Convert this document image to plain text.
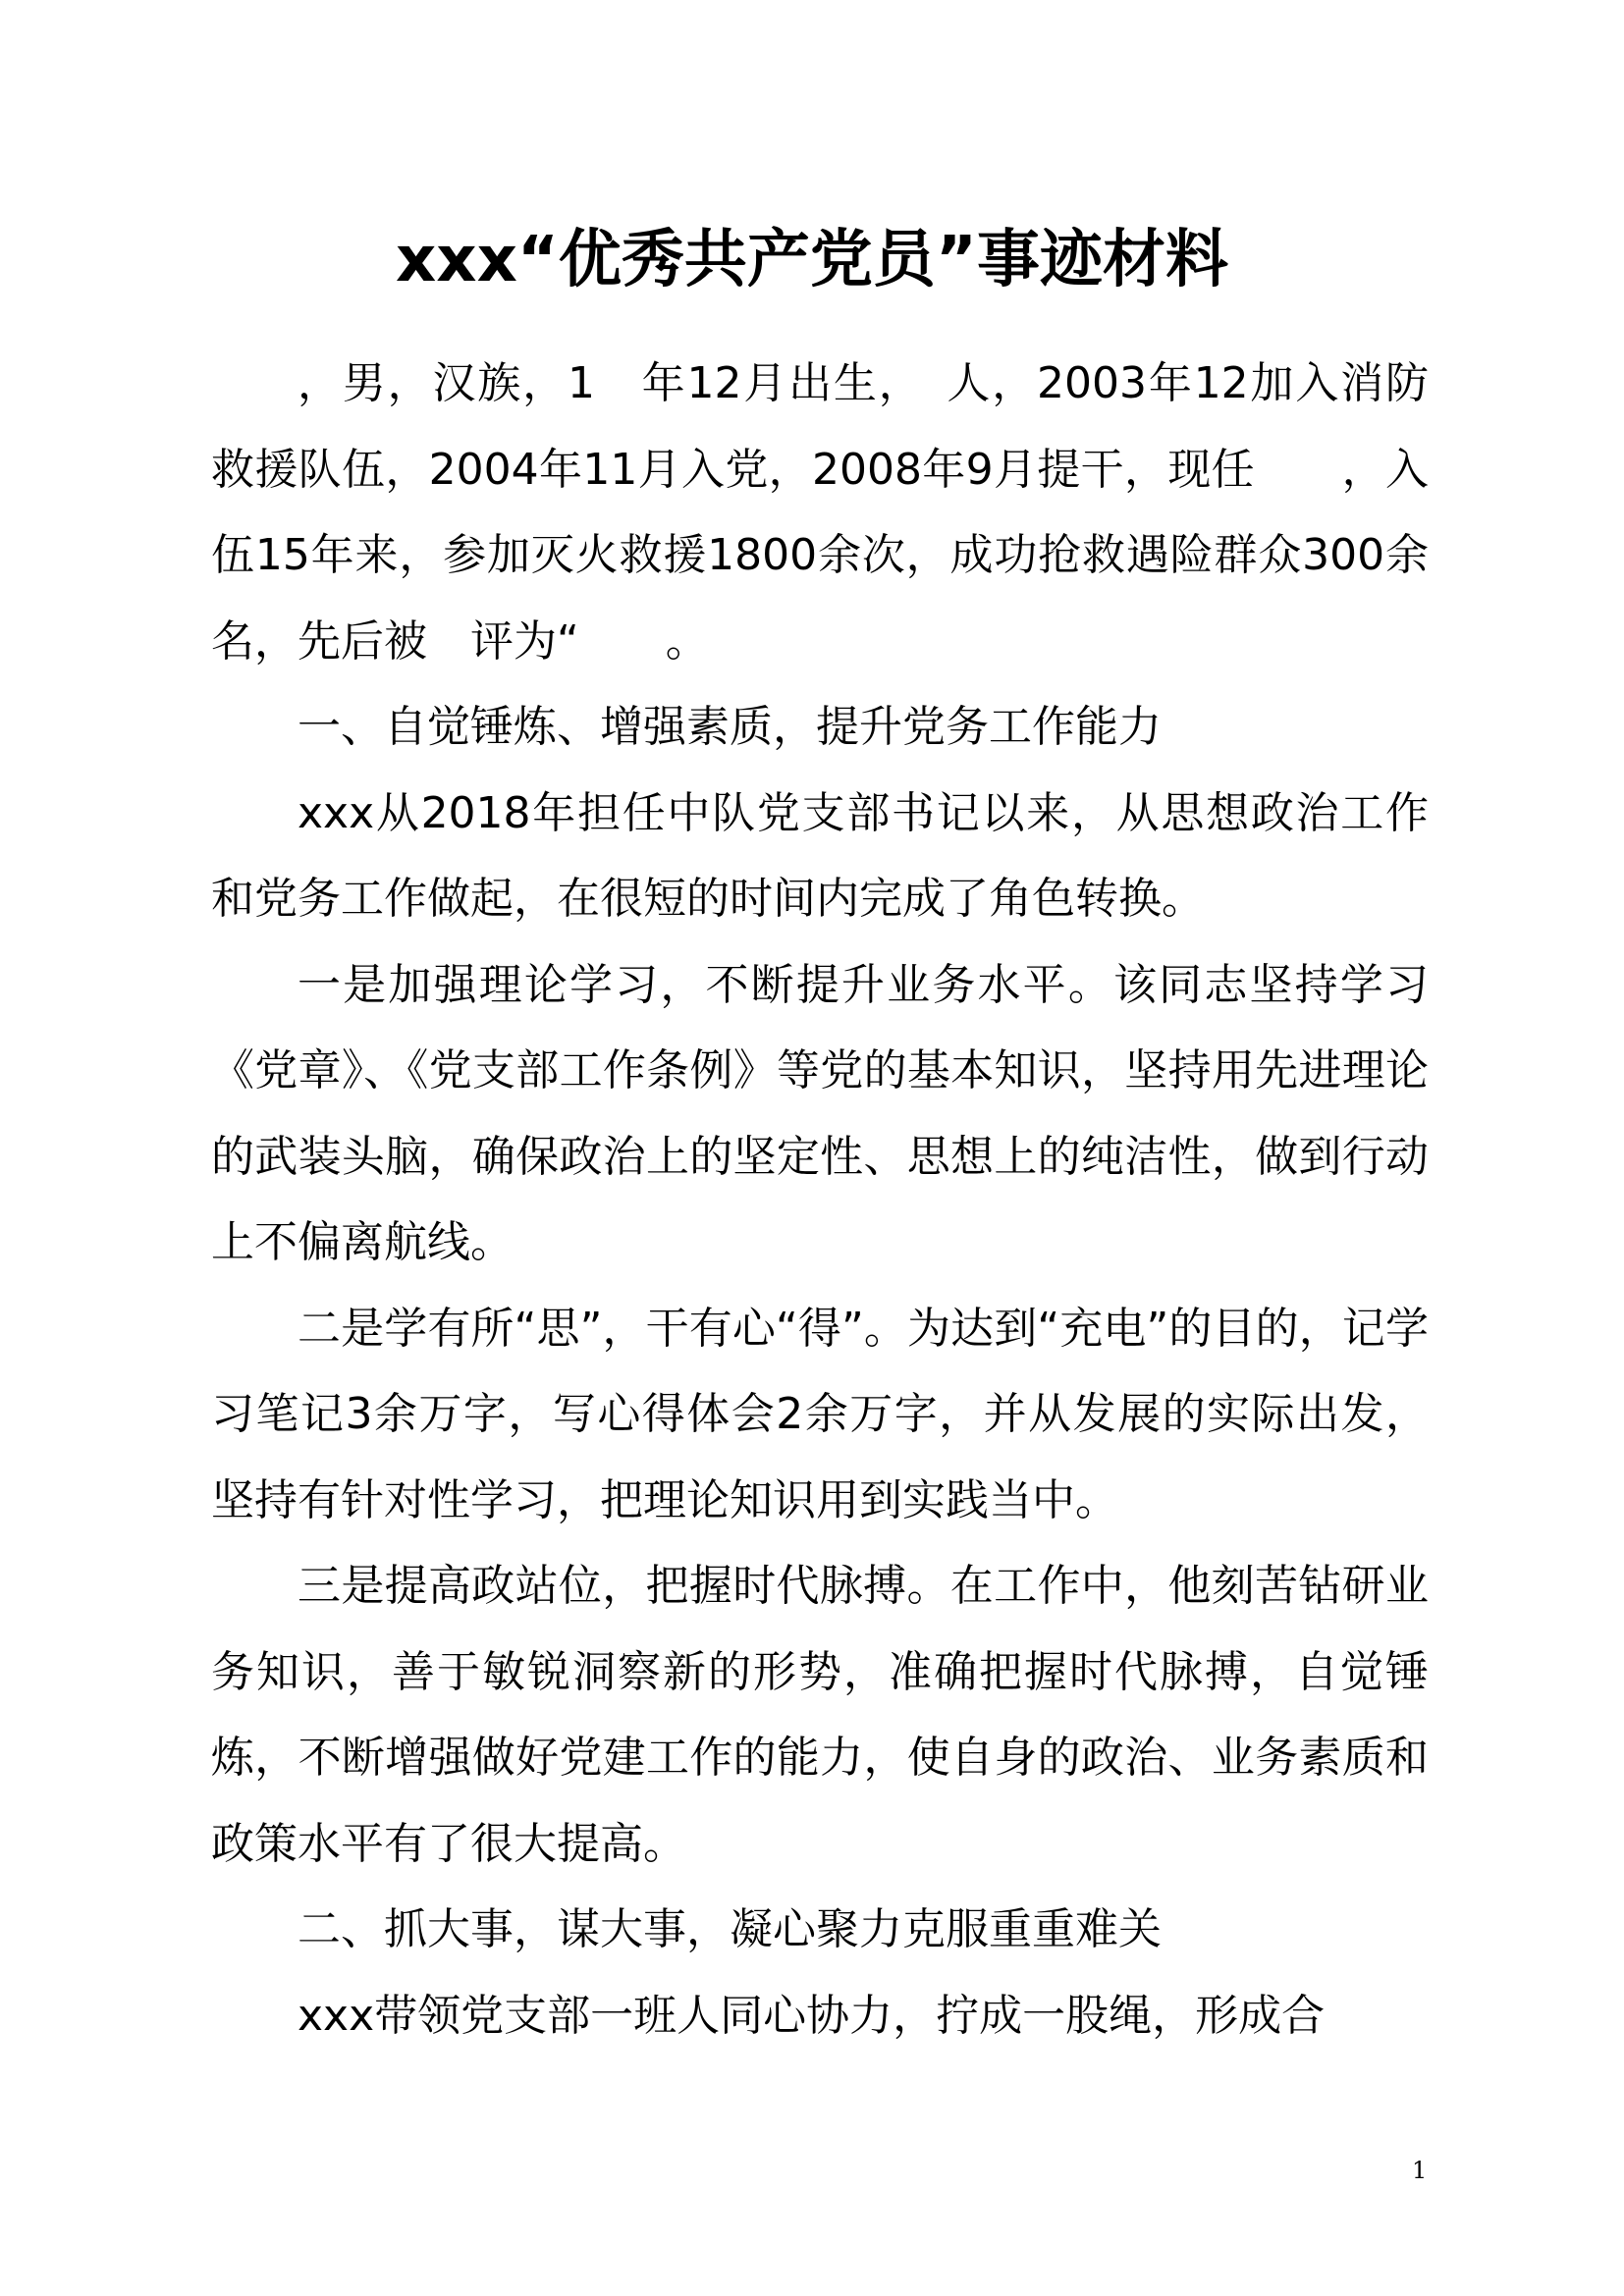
xxx“优秀共产党员”事迹材料

，男，汉族，1　年12月出生，　人，2003年12加入消防救援队伍，2004年11月入党，2008年9月提干，现任　　，入伍15年来，参加灭火救援1800余次，成功抢救遇险群众300余名，先后被　评为“　　。

一、自觉锤炼、增强素质，提升党务工作能力

xxx从2018年担任中队党支部书记以来，从思想政治工作和党务工作做起，在很短的时间内完成了角色转换。

一是加强理论学习，不断提升业务水平。该同志坚持学习《党章》、《党支部工作条例》等党的基本知识，坚持用先进理论的武装头脑，确保政治上的坚定性、思想上的纯洁性，做到行动上不偏离航线。

二是学有所“思”，干有心“得”。为达到“充电”的目的，记学习笔记3余万字，写心得体会2余万字，并从发展的实际出发，坚持有针对性学习，把理论知识用到实践当中。

三是提高政站位，把握时代脉搏。在工作中，他刻苦钻研业务知识，善于敏锐洞察新的形势，准确把握时代脉搏，自觉锤炼，不断增强做好党建工作的能力，使自身的政治、业务素质和政策水平有了很大提高。

二、抓大事，谋大事，凝心聚力克服重重难关

xxx带领党支部一班人同心协力，拧成一股绳，形成合

1
